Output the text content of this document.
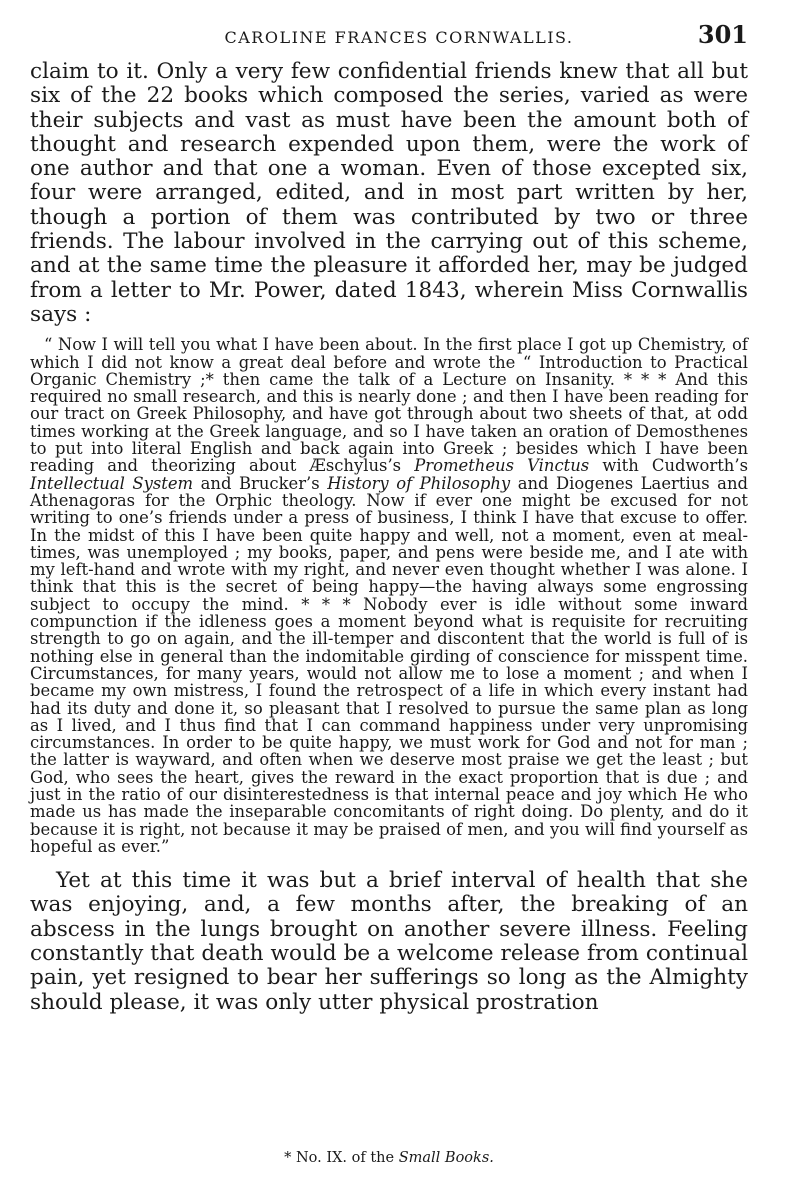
CAROLINE FRANCES CORNWALLIS.	301

claim to it. Only a very few confidential friends knew that all but six of the 22 books which composed the series, varied as were their subjects and vast as must have been the amount both of thought and research expended upon them, were the work of one author and that one a woman. Even of those excepted six, four were arranged, edited, and in most part written by her, though a portion of them was contributed by two or three friends. The labour involved in the carrying out of this scheme, and at the same time the pleasure it afforded her, may be judged from a letter to Mr. Power, dated 1843, wherein Miss Cornwallis says :

“ Now I will tell you what I have been about. In the first place I got up Chemistry, of which I did not know a great deal before and wrote the “ Introduction to Practical Organic Chemistry ;* then came the talk of a Lecture on Insanity. * * * And this required no small research, and this is nearly done ; and then I have been reading for our tract on Greek Philosophy, and have got through about two sheets of that, at odd times working at the Greek language, and so I have taken an oration of Demosthenes to put into literal English and back again into Greek ; besides which I have been reading and theorizing about Æschylus’s Prometheus Vinctus with Cudworth’s Intellectual System and Brucker’s History of Philosophy and Diogenes Laertius and Athenagoras for the Orphic theology. Now if ever one might be excused for not writing to one’s friends under a press of business, I think I have that excuse to offer. In the midst of this I have been quite happy and well, not a moment, even at meal-times, was unemployed ; my books, paper, and pens were beside me, and I ate with my left-hand and wrote with my right, and never even thought whether I was alone. I think that this is the secret of being happy—the having always some engrossing subject to occupy the mind. * * * Nobody ever is idle without some inward compunction if the idleness goes a moment beyond what is requisite for recruiting strength to go on again, and the ill-temper and discontent that the world is full of is nothing else in general than the indomitable girding of conscience for misspent time. Circumstances, for many years, would not allow me to lose a moment ; and when I became my own mistress, I found the retrospect of a life in which every instant had had its duty and done it, so pleasant that I resolved to pursue the same plan as long as I lived, and I thus find that I can command happiness under very unpromising circumstances. In order to be quite happy, we must work for God and not for man ; the latter is wayward, and often when we deserve most praise we get the least ; but God, who sees the heart, gives the reward in the exact proportion that is due ; and just in the ratio of our disinterestedness is that internal peace and joy which He who made us has made the inseparable concomitants of right doing. Do plenty, and do it because it is right, not because it may be praised of men, and you will find yourself as hopeful as ever.”

Yet at this time it was but a brief interval of health that she was enjoying, and, a few months after, the breaking of an abscess in the lungs brought on another severe illness. Feeling constantly that death would be a welcome release from continual pain, yet resigned to bear her sufferings so long as the Almighty should please, it was only utter physical prostration

* No. IX. of the Small Books.
